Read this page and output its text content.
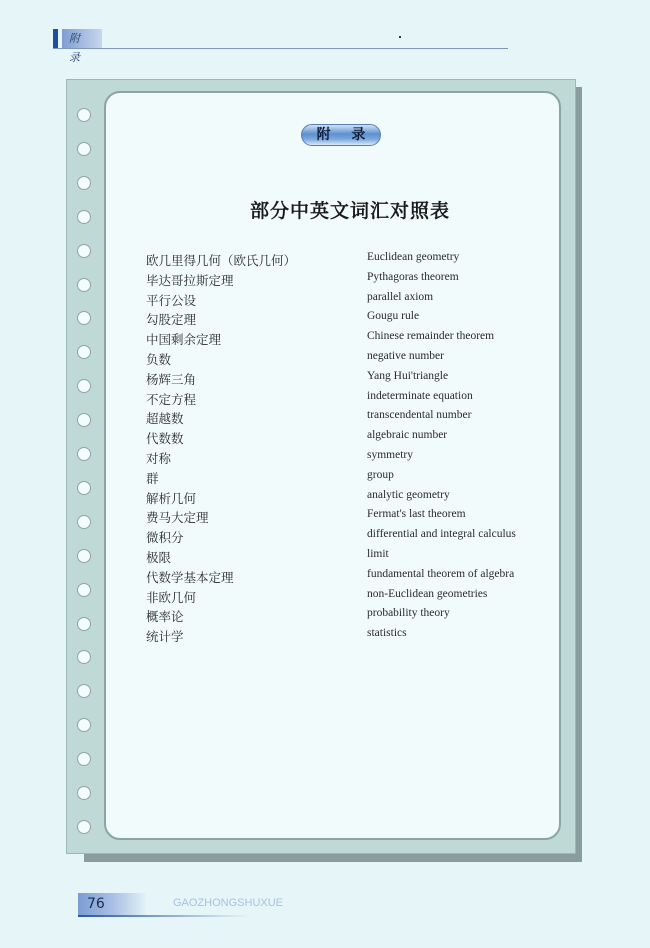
附 录
附 录
部分中英文词汇对照表
欧几里得几何（欧氏几何）	Euclidean geometry
毕达哥拉斯定理	Pythagoras theorem
平行公设	parallel axiom
勾股定理	Gougu rule
中国剩余定理	Chinese remainder theorem
负数	negative number
杨辉三角	Yang Hui'triangle
不定方程	indeterminate equation
超越数	transcendental number
代数数	algebraic number
对称	symmetry
群	group
解析几何	analytic geometry
费马大定理	Fermat's last theorem
微积分	differential and integral calculus
极限	limit
代数学基本定理	fundamental theorem of algebra
非欧几何	non-Euclidean geometries
概率论	probability theory
统计学	statistics
76	GAOZHONGSHUXUE
